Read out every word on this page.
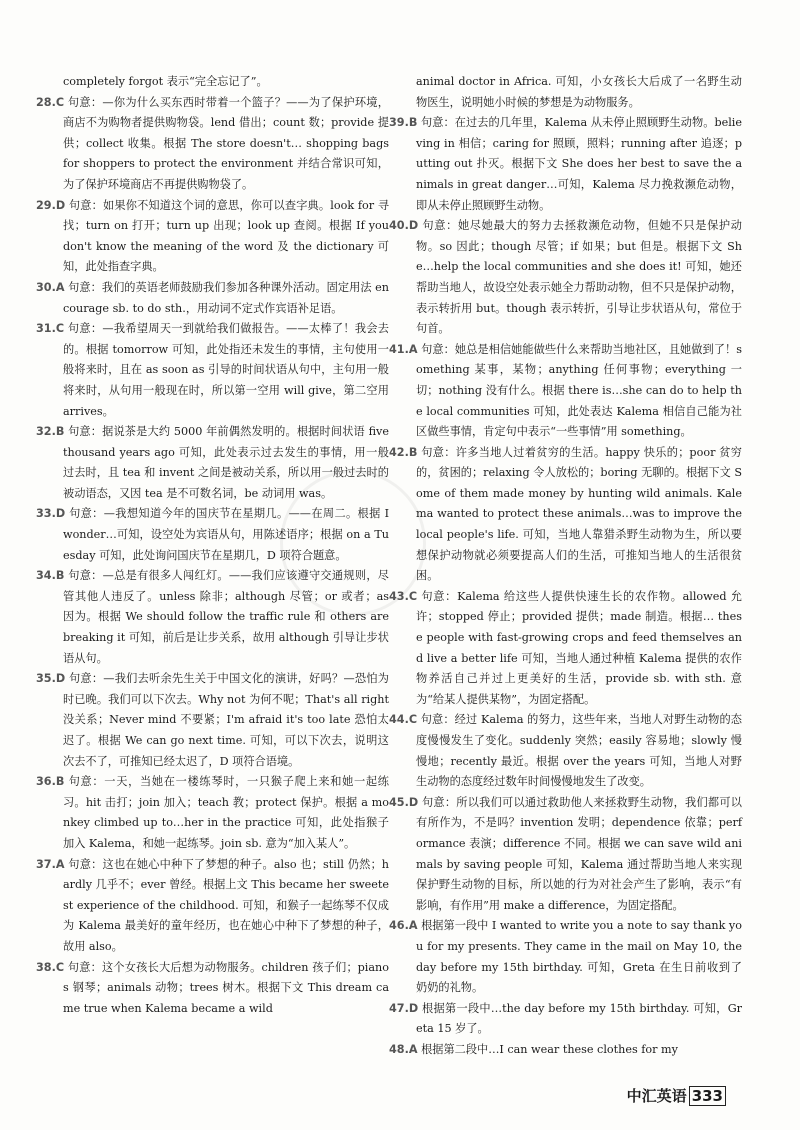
completely forgot 表示“完全忘记了”。

28.C 句意：—你为什么买东西时带着一个篮子？——为了保护环境，商店不为购物者提供购物袋。lend 借出；count 数；provide 提供；collect 收集。根据 The store doesn't… shopping bags for shoppers to protect the environment 并结合常识可知，为了保护环境商店不再提供购物袋了。

29.D 句意：如果你不知道这个词的意思，你可以查字典。look for 寻找；turn on 打开；turn up 出现；look up 查阅。根据 If you don't know the meaning of the word 及 the dictionary 可知，此处指查字典。

30.A 句意：我们的英语老师鼓励我们参加各种课外活动。固定用法 encourage sb. to do sth.，用动词不定式作宾语补足语。

31.C 句意：—我希望周天一到就给我们做报告。——太棒了！我会去的。根据 tomorrow 可知，此处指还未发生的事情，主句使用一般将来时，且在 as soon as 引导的时间状语从句中，主句用一般将来时，从句用一般现在时，所以第一空用 will give，第二空用 arrives。

32.B 句意：据说茶是大约 5000 年前偶然发明的。根据时间状语 five thousand years ago 可知，此处表示过去发生的事情，用一般过去时，且 tea 和 invent 之间是被动关系，所以用一般过去时的被动语态，又因 tea 是不可数名词，be 动词用 was。

33.D 句意：—我想知道今年的国庆节在星期几。——在周二。根据 I wonder…可知，设空处为宾语从句，用陈述语序；根据 on a Tuesday 可知，此处询问国庆节在星期几，D 项符合题意。

34.B 句意：—总是有很多人闯红灯。——我们应该遵守交通规则，尽管其他人违反了。unless 除非；although 尽管；or 或者；as 因为。根据 We should follow the traffic rule 和 others are breaking it 可知，前后是让步关系，故用 although 引导让步状语从句。

35.D 句意：—我们去听余先生关于中国文化的演讲，好吗？—恐怕为时已晚。我们可以下次去。Why not 为何不呢；That's all right 没关系；Never mind 不要紧；I'm afraid it's too late 恐怕太迟了。根据 We can go next time. 可知，可以下次去，说明这次去不了，可推知已经太迟了，D 项符合语境。

36.B 句意：一天，当她在一楼练琴时，一只猴子爬上来和她一起练习。hit 击打；join 加入；teach 教；protect 保护。根据 a monkey climbed up to…her in the practice 可知，此处指猴子加入 Kalema，和她一起练琴。join sb. 意为“加入某人”。

37.A 句意：这也在她心中种下了梦想的种子。also 也；still 仍然；hardly 几乎不；ever 曾经。根据上文 This became her sweetest experience of the childhood. 可知，和猴子一起练琴不仅成为 Kalema 最美好的童年经历，也在她心中种下了梦想的种子，故用 also。

38.C 句意：这个女孩长大后想为动物服务。children 孩子们；pianos 钢琴；animals 动物；trees 树木。根据下文 This dream came true when Kalema became a wild

animal doctor in Africa. 可知，小女孩长大后成了一名野生动物医生，说明她小时候的梦想是为动物服务。

39.B 句意：在过去的几年里，Kalema 从未停止照顾野生动物。believing in 相信；caring for 照顾，照料；running after 追逐；putting out 扑灭。根据下文 She does her best to save the animals in great danger…可知，Kalema 尽力挽救濒危动物，即从未停止照顾野生动物。

40.D 句意：她尽她最大的努力去拯救濒危动物，但她不只是保护动物。so 因此；though 尽管；if 如果；but 但是。根据下文 She…help the local communities and she does it! 可知，她还帮助当地人，故设空处表示她全力帮助动物，但不只是保护动物，表示转折用 but。though 表示转折，引导让步状语从句，常位于句首。

41.A 句意：她总是相信她能做些什么来帮助当地社区，且她做到了！something 某事，某物；anything 任何事物；everything 一切；nothing 没有什么。根据 there is…she can do to help the local communities 可知，此处表达 Kalema 相信自己能为社区做些事情，肯定句中表示“一些事情”用 something。

42.B 句意：许多当地人过着贫穷的生活。happy 快乐的；poor 贫穷的，贫困的；relaxing 令人放松的；boring 无聊的。根据下文 Some of them made money by hunting wild animals. Kalema wanted to protect these animals…was to improve the local people's life. 可知，当地人靠猎杀野生动物为生，所以要想保护动物就必须要提高人们的生活，可推知当地人的生活很贫困。

43.C 句意：Kalema 给这些人提供快速生长的农作物。allowed 允许；stopped 停止；provided 提供；made 制造。根据… these people with fast-growing crops and feed themselves and live a better life 可知，当地人通过种植 Kalema 提供的农作物养活自己并过上更美好的生活，provide sb. with sth. 意为“给某人提供某物”，为固定搭配。

44.C 句意：经过 Kalema 的努力，这些年来，当地人对野生动物的态度慢慢发生了变化。suddenly 突然；easily 容易地；slowly 慢慢地；recently 最近。根据 over the years 可知，当地人对野生动物的态度经过数年时间慢慢地发生了改变。

45.D 句意：所以我们可以通过救助他人来拯救野生动物，我们都可以有所作为，不是吗？invention 发明；dependence 依靠；performance 表演；difference 不同。根据 we can save wild animals by saving people 可知，Kalema 通过帮助当地人来实现保护野生动物的目标，所以她的行为对社会产生了影响，表示“有影响，有作用”用 make a difference，为固定搭配。

46.A 根据第一段中 I wanted to write you a note to say thank you for my presents. They came in the mail on May 10, the day before my 15th birthday. 可知，Greta 在生日前收到了奶奶的礼物。

47.D 根据第一段中…the day before my 15th birthday. 可知，Greta 15 岁了。

48.A 根据第二段中…I can wear these clothes for my

中汇英语 333
